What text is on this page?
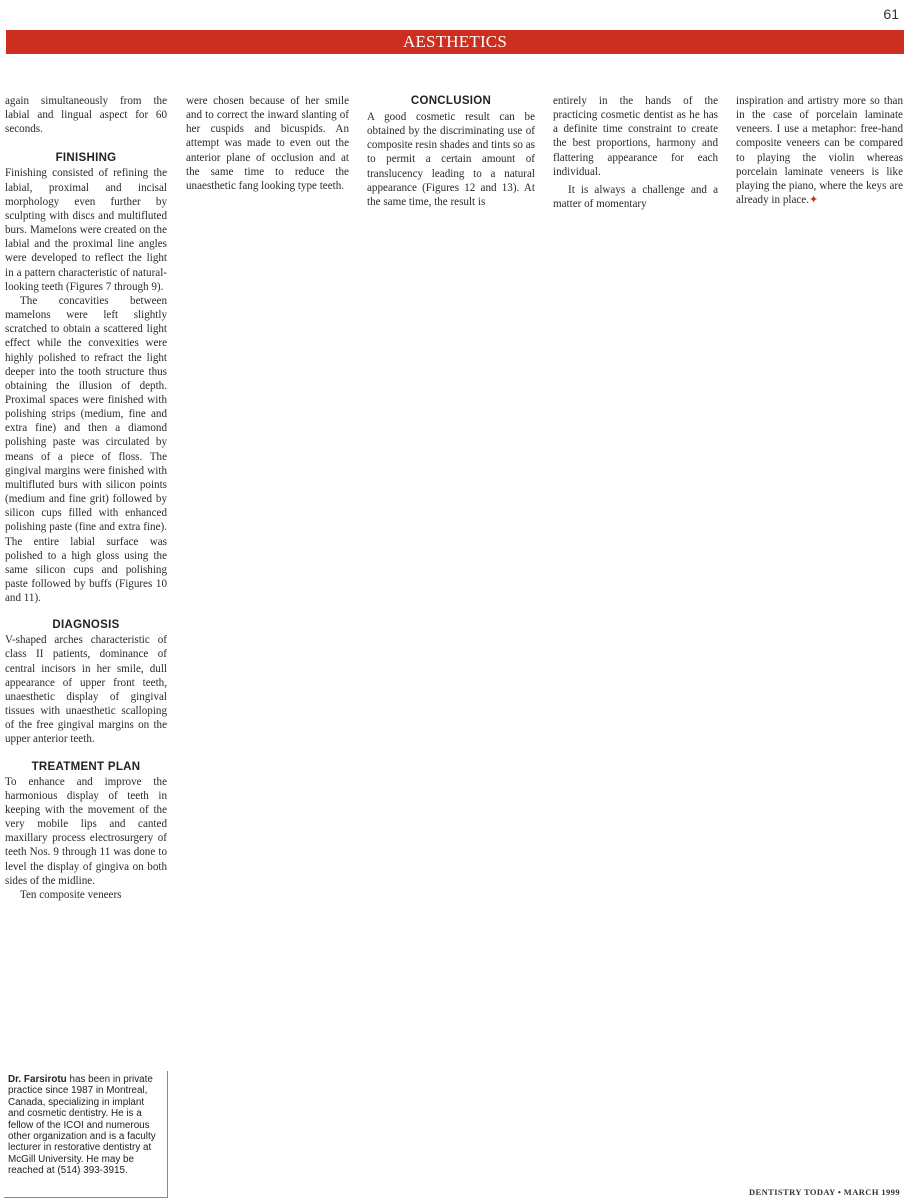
61
AESTHETICS

again simultaneously from the labial and lingual aspect for 60 seconds.

FINISHING

Finishing consisted of refining the labial, proximal and incisal morphology even further by sculpting with discs and multifluted burs. Mamelons were created on the labial and the proximal line angles were developed to reflect the light in a pattern characteristic of natural-looking teeth (Figures 7 through 9).

The concavities between mamelons were left slightly scratched to obtain a scattered light effect while the convexities were highly polished to refract the light deeper into the tooth structure thus obtaining the illusion of depth. Proximal spaces were finished with polishing strips (medium, fine and extra fine) and then a diamond polishing paste was circulated by means of a piece of floss. The gingival margins were finished with multifluted burs with silicon points (medium and fine grit) followed by silicon cups filled with enhanced polishing paste (fine and extra fine). The entire labial surface was polished to a high gloss using the same silicon cups and polishing paste followed by buffs (Figures 10 and 11).

DIAGNOSIS

V-shaped arches characteristic of class II patients, dominance of central incisors in her smile, dull appearance of upper front teeth, unaesthetic display of gingival tissues with unaesthetic scalloping of the free gingival margins on the upper anterior teeth.

TREATMENT PLAN

To enhance and improve the harmonious display of teeth in keeping with the movement of the very mobile lips and canted maxillary process electrosurgery of teeth Nos. 9 through 11 was done to level the display of gingiva on both sides of the midline.

Ten composite veneers

were chosen because of her smile and to correct the inward slanting of her cuspids and bicuspids. An attempt was made to even out the anterior plane of occlusion and at the same time to reduce the unaesthetic fang looking type teeth.

CONCLUSION

A good cosmetic result can be obtained by the discriminating use of composite resin shades and tints so as to permit a certain amount of translucency leading to a natural appearance (Figures 12 and 13). At the same time, the result is

entirely in the hands of the practicing cosmetic dentist as he has a definite time constraint to create the best proportions, harmony and flattering appearance for each individual.

It is always a challenge and a matter of momentary

inspiration and artistry more so than in the case of porcelain laminate veneers. I use a metaphor: free-hand composite veneers can be compared to playing the violin whereas porcelain laminate veneers is like playing the piano, where the keys are already in place.✦

Dr. Farsirotu has been in private practice since 1987 in Montreal, Canada, specializing in implant and cosmetic dentistry. He is a fellow of the ICOI and numerous other organization and is a faculty lecturer in restorative dentistry at McGill University. He may be reached at (514) 393-3915.
DENTISTRY TODAY • MARCH 1999
